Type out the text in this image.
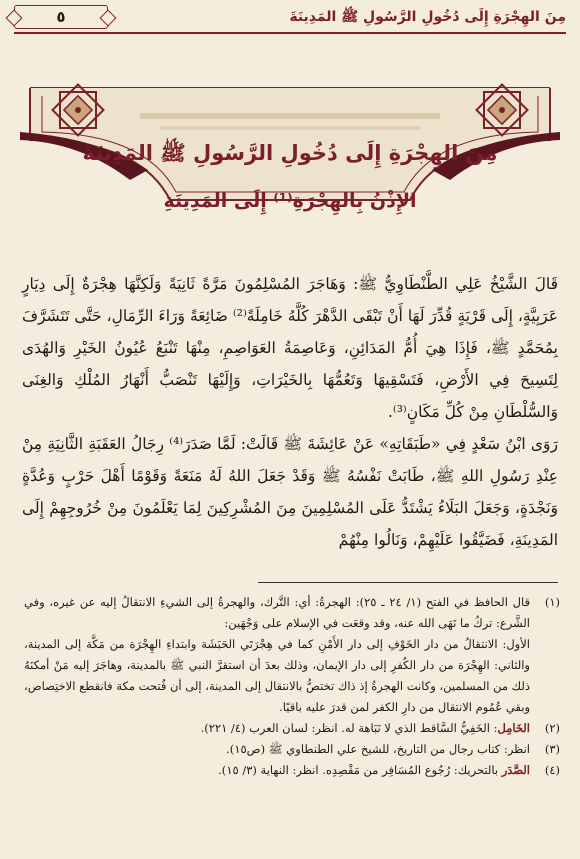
مِنَ الهِجْرَةِ إِلَى دُخُولِ الرَّسُولِ ﷺ المَدِينَةَ
٥
مِنَ الهِجْرَةِ إِلَى دُخُولِ الرَّسُولِ ﷺ المَدِينَةَ
الإِذْنُ بِالهِجْرَةِ⁽¹⁾ إِلَى المَدِينَةِ

قَالَ الشَّيْخُ عَلِي الطَّنْطَاوِيُّ ﷺ: وَهَاجَرَ المُسْلِمُونَ مَرَّةً ثَانِيَةً وَلَكِنَّهَا هِجْرَةٌ إِلَى دِيَارٍ عَرَبِيَّةٍ، إِلَى قَرْيَةٍ قُدِّرَ لَهَا أَنْ تَبْقَى الدَّهْرَ كُلَّهُ خَامِلَةً⁽²⁾ ضَائِعَةً وَرَاءَ الرِّمَالِ، حَتَّى تَتَشَرَّفَ بِمُحَمَّدٍ ﷺ، فَإِذَا هِيَ أُمُّ المَدَائِنِ، وَعَاصِمَةُ العَوَاصِمِ، مِنْهَا تَنْبَعُ عُيُونُ الخَيْرِ وَالهُدَى لِتَسِيحَ فِي الأَرْضِ، فَتَسْقِيهَا وَتَعُمُّهَا بِالخَيْرَاتِ، وَإِلَيْهَا تَنْصَبُّ أَنْهَارُ المُلْكِ وَالغِنَى وَالسُّلْطَانِ مِنْ كُلِّ مَكَانٍ⁽³⁾.

رَوَى ابْنُ سَعْدٍ فِي «طَبَقَاتِهِ» عَنْ عَائِشَةَ ﷺ قَالَتْ: لَمَّا صَدَرَ⁽⁴⁾ رِجَالُ العَقَبَةِ الثَّانِيَةِ مِنْ عِنْدِ رَسُولِ اللهِ ﷺ، طَابَتْ نَفْسُهُ ﷺ وَقَدْ جَعَلَ اللهُ لَهُ مَنَعَةً وَقَوْمًا أَهْلَ حَرْبٍ وَعُدَّةٍ وَنَجْدَةٍ، وَجَعَلَ البَلَاءُ يَشْتَدُّ عَلَى المُسْلِمِينَ مِنَ المُشْرِكِينَ لِمَا يَعْلَمُونَ مِنْ خُرُوجِهِمْ إِلَى المَدِينَةِ، فَضَيَّقُوا عَلَيْهِمْ، وَنَالُوا مِنْهُمْ

(١)
قال الحافظ في الفتح (١/ ٢٤ ـ ٢٥): الهجرةُ: أي: التَّرك، والهجرةُ إلى الشيءِ الانتقالُ إليه عن غيره، وفي الشَّرع: تركُ ما نَهَى الله عنه، وقد وقعَت في الإسلام على وَجْهَين:
الأول: الانتقالُ من دار الخَوْفِ إلى دار الأَمْنِ كما في هِجْرَتَي الحَبَشَة وابتداءِ الهِجْرَة من مَكَّة إلى المدينة، والثاني: الهِجْرَة من دار الكُفرِ إلى دار الإيمان، وذلك بعدَ أن استقرَّ النبي ﷺ بالمدينة، وهاجَرَ إليه مَنْ أمكنَهُ ذلك من المسلمين، وكانت الهجرةُ إذ ذاك تختصُّ بالانتقال إلى المدينة، إلى أن فُتحت مكة فانقطع الاختِصاص، وبقي عُمُوم الانتقال من دارِ الكفر لمن قدرَ عليه باقيًا.
(٢)
الخَامِل: الخَفِيُّ السَّاقط الذي لا نَبَاهة له. انظر: لسان العرب (٤/ ٢٢١).
(٣)
انظر: كتاب رجال من التاريخ، للشيخ علي الطنطاوي ﷺ (ص١٥).
(٤)
الصَّدَر بالتحريك: رُجُوع المُسَافِر من مَقْصِدِه. انظر: النهاية (٣/ ١٥).
